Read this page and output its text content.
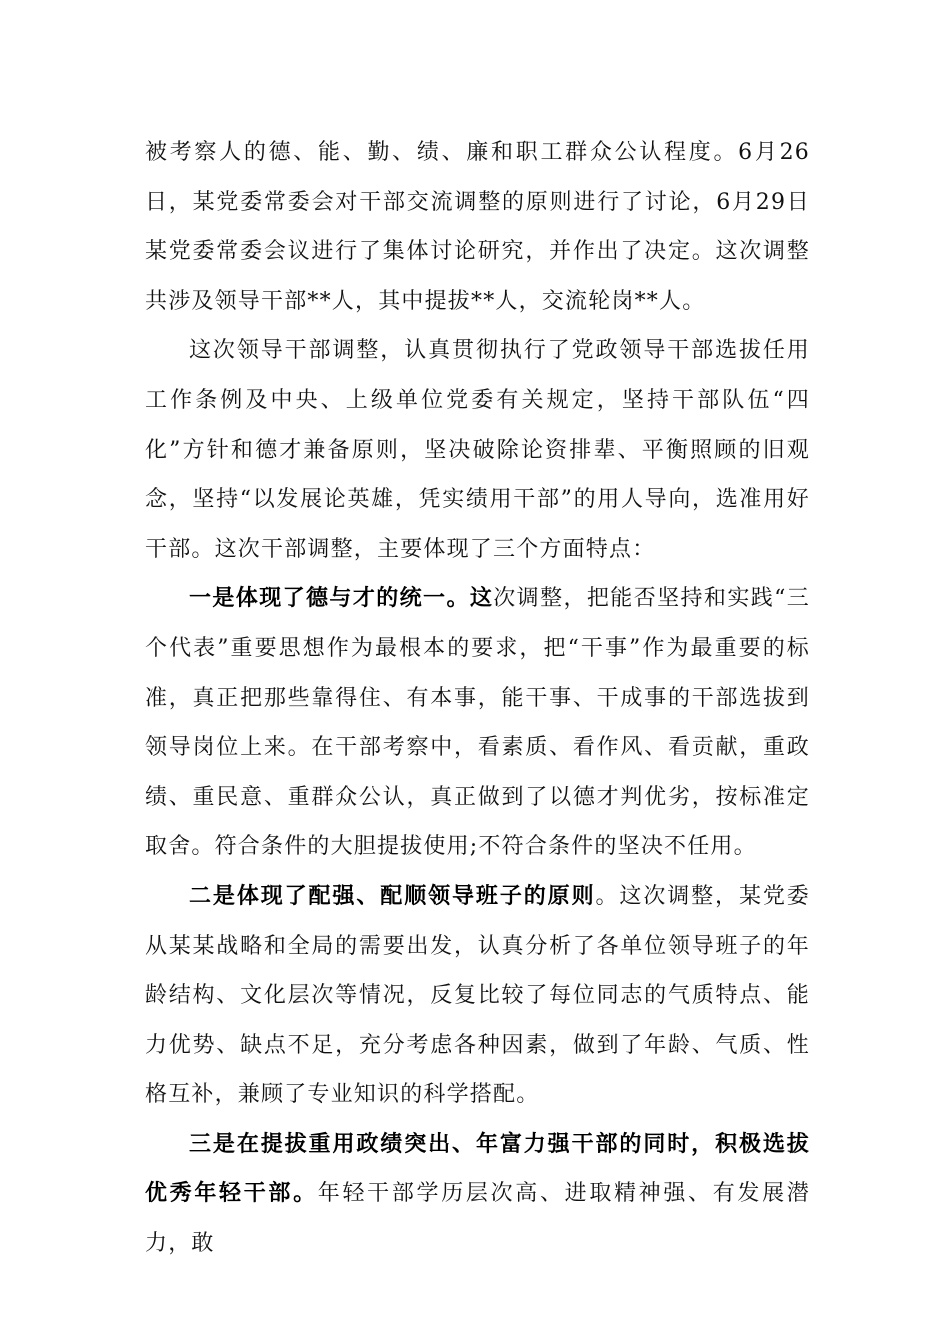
被考察人的德、能、勤、绩、廉和职工群众公认程度。6月26日，某党委常委会对干部交流调整的原则进行了讨论，6月29日某党委常委会议进行了集体讨论研究，并作出了决定。这次调整共涉及领导干部**人，其中提拔**人，交流轮岗**人。

这次领导干部调整，认真贯彻执行了党政领导干部选拔任用工作条例及中央、上级单位党委有关规定，坚持干部队伍“四化”方针和德才兼备原则，坚决破除论资排辈、平衡照顾的旧观念，坚持“以发展论英雄，凭实绩用干部”的用人导向，选准用好干部。这次干部调整，主要体现了三个方面特点：

一是体现了德与才的统一。这次调整，把能否坚持和实践“三个代表”重要思想作为最根本的要求，把“干事”作为最重要的标准，真正把那些靠得住、有本事，能干事、干成事的干部选拔到领导岗位上来。在干部考察中，看素质、看作风、看贡献，重政绩、重民意、重群众公认，真正做到了以德才判优劣，按标准定取舍。符合条件的大胆提拔使用;不符合条件的坚决不任用。

二是体现了配强、配顺领导班子的原则。这次调整，某党委从某某战略和全局的需要出发，认真分析了各单位领导班子的年龄结构、文化层次等情况，反复比较了每位同志的气质特点、能力优势、缺点不足，充分考虑各种因素，做到了年龄、气质、性格互补，兼顾了专业知识的科学搭配。

三是在提拔重用政绩突出、年富力强干部的同时，积极选拔优秀年轻干部。年轻干部学历层次高、进取精神强、有发展潜力，敢
